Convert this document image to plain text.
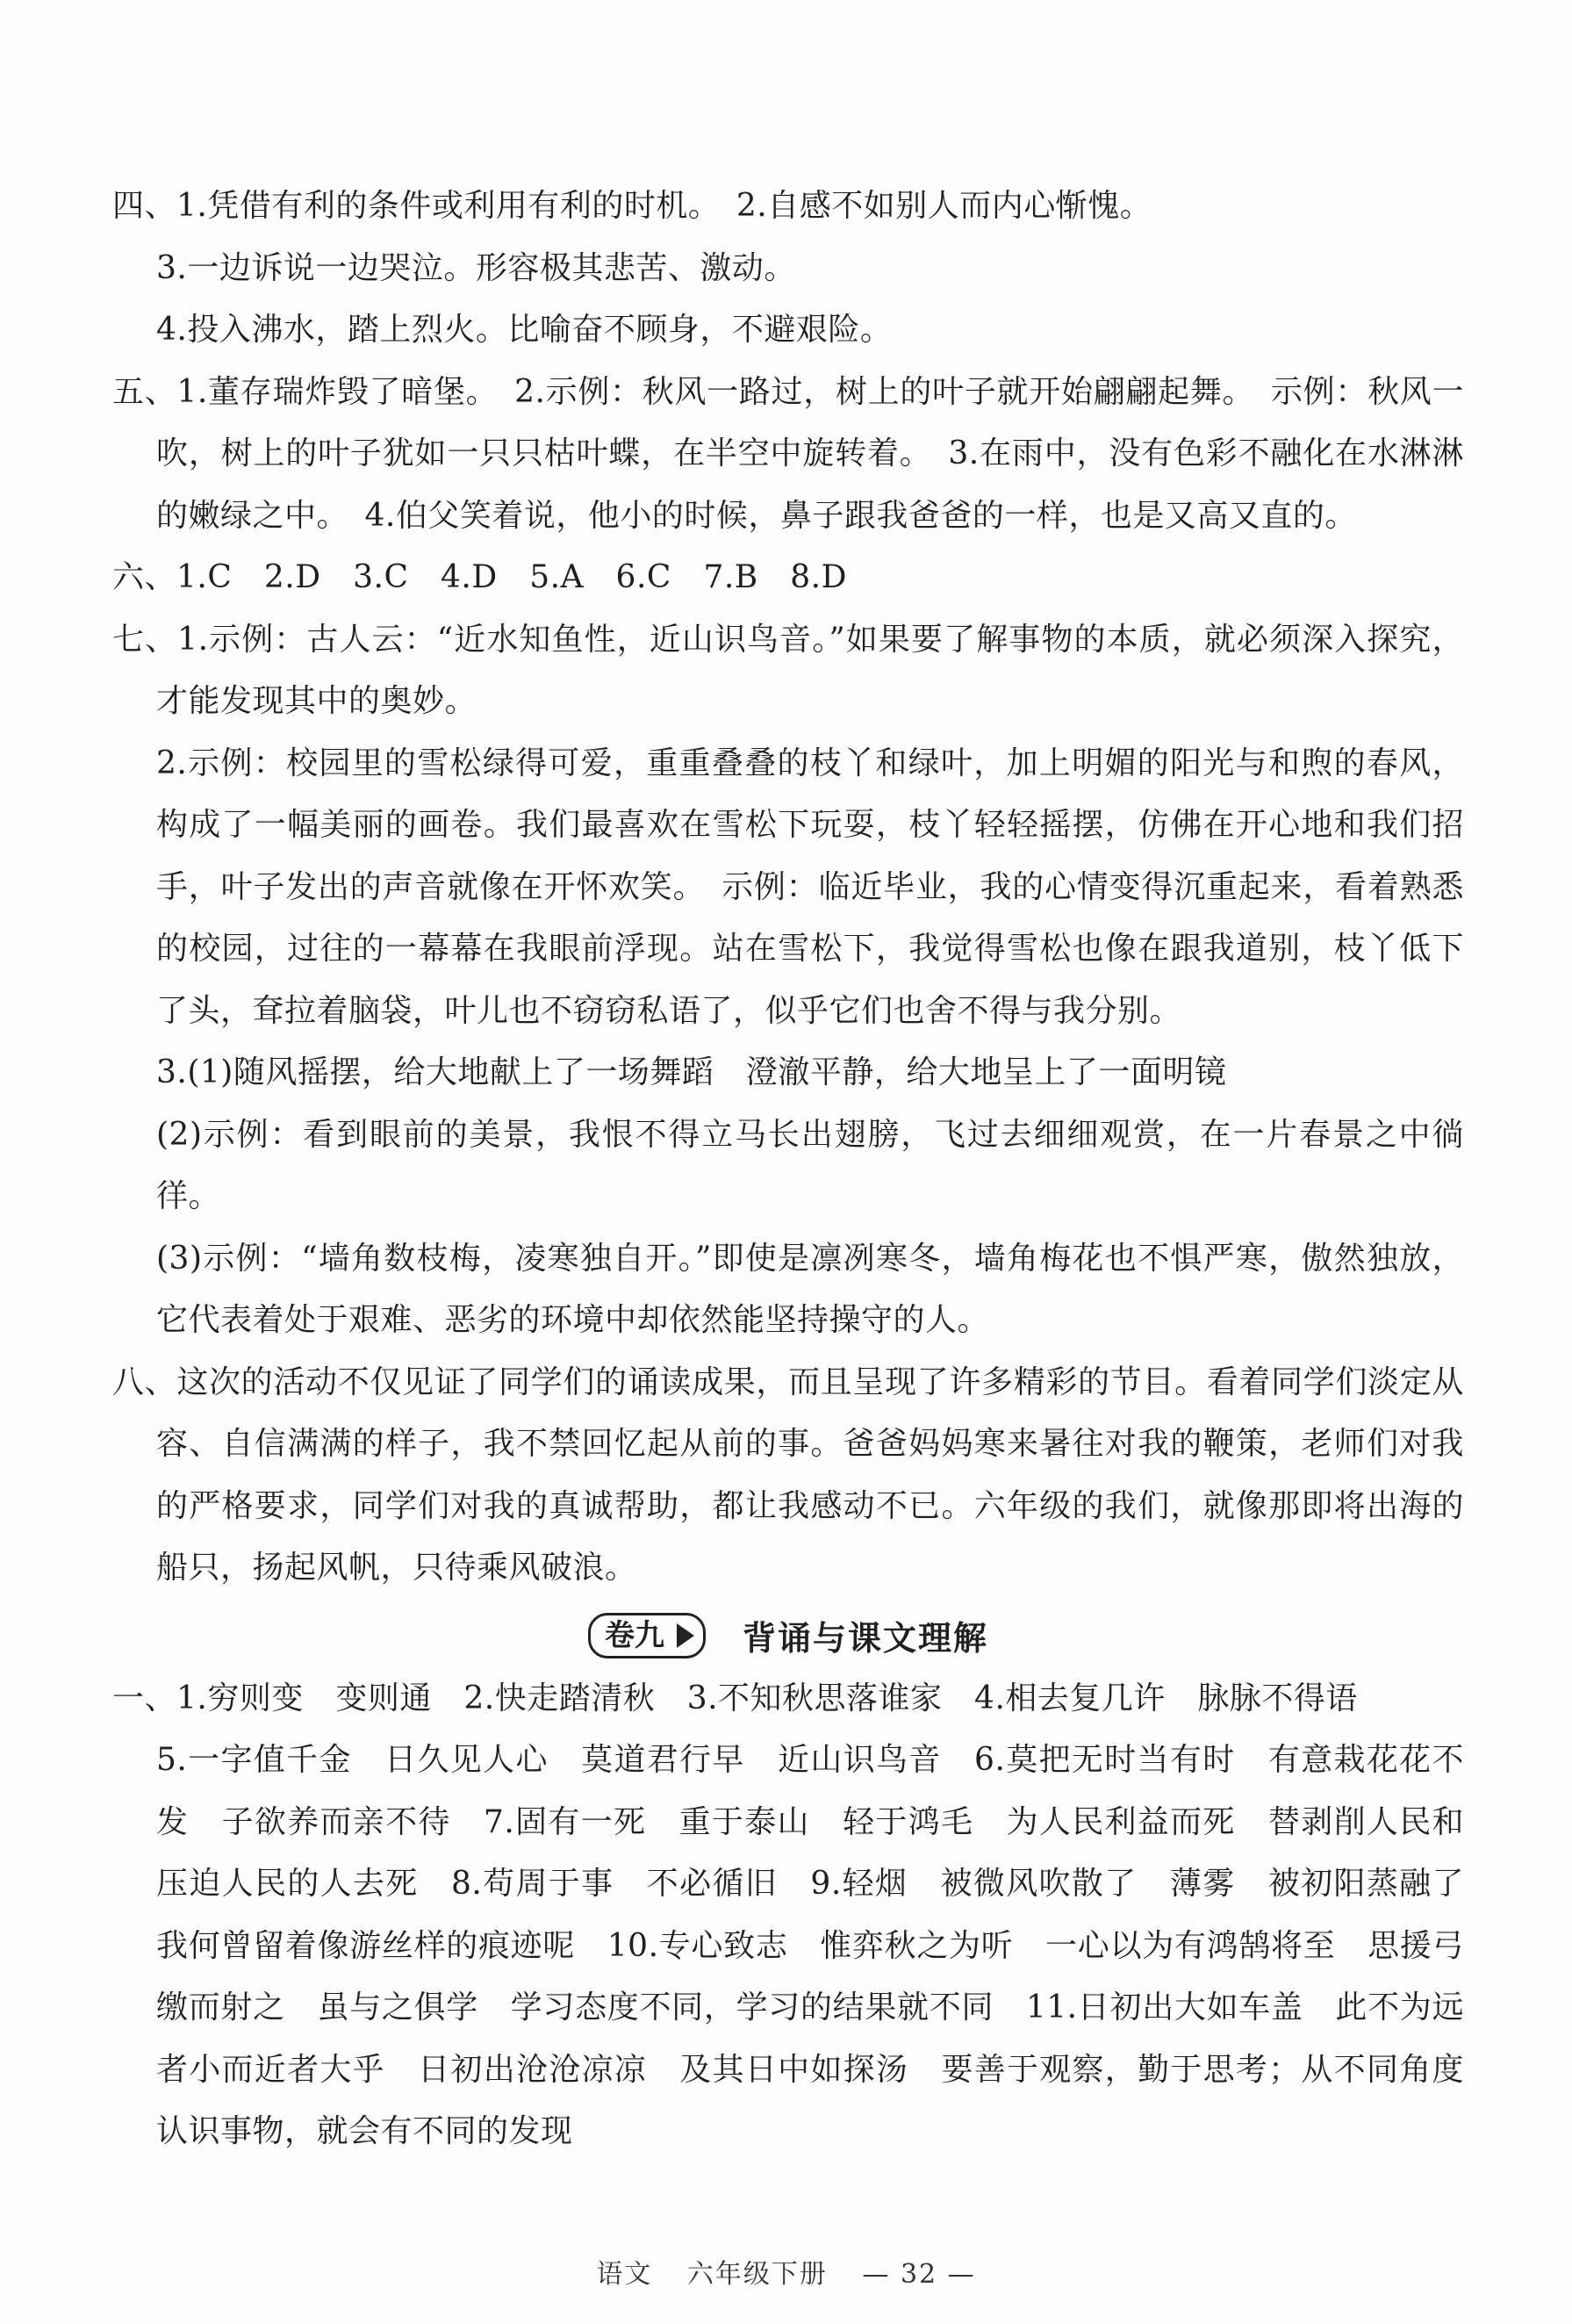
四、1.凭借有利的条件或利用有利的时机。　2.自感不如别人而内心惭愧。

3.一边诉说一边哭泣。形容极其悲苦、激动。

4.投入沸水，踏上烈火。比喻奋不顾身，不避艰险。

五、1.董存瑞炸毁了暗堡。　2.示例：秋风一路过，树上的叶子就开始翩翩起舞。　示例：秋风一吹，树上的叶子犹如一只只枯叶蝶，在半空中旋转着。　3.在雨中，没有色彩不融化在水淋淋的嫩绿之中。　4.伯父笑着说，他小的时候，鼻子跟我爸爸的一样，也是又高又直的。

六、1.C　2.D　3.C　4.D　5.A　6.C　7.B　8.D

七、1.示例：古人云：“近水知鱼性，近山识鸟音。”如果要了解事物的本质，就必须深入探究，才能发现其中的奥妙。

2.示例：校园里的雪松绿得可爱，重重叠叠的枝丫和绿叶，加上明媚的阳光与和煦的春风，构成了一幅美丽的画卷。我们最喜欢在雪松下玩耍，枝丫轻轻摇摆，仿佛在开心地和我们招手，叶子发出的声音就像在开怀欢笑。　示例：临近毕业，我的心情变得沉重起来，看着熟悉的校园，过往的一幕幕在我眼前浮现。站在雪松下，我觉得雪松也像在跟我道别，枝丫低下了头，耷拉着脑袋，叶儿也不窃窃私语了，似乎它们也舍不得与我分别。

3.(1)随风摇摆，给大地献上了一场舞蹈　澄澈平静，给大地呈上了一面明镜

(2)示例：看到眼前的美景，我恨不得立马长出翅膀，飞过去细细观赏，在一片春景之中徜徉。

(3)示例：“墙角数枝梅，凌寒独自开。”即使是凛冽寒冬，墙角梅花也不惧严寒，傲然独放，它代表着处于艰难、恶劣的环境中却依然能坚持操守的人。

八、这次的活动不仅见证了同学们的诵读成果，而且呈现了许多精彩的节目。看着同学们淡定从容、自信满满的样子，我不禁回忆起从前的事。爸爸妈妈寒来暑往对我的鞭策，老师们对我的严格要求，同学们对我的真诚帮助，都让我感动不已。六年级的我们，就像那即将出海的船只，扬起风帆，只待乘风破浪。

卷九	背诵与课文理解

一、1.穷则变　变则通　2.快走踏清秋　3.不知秋思落谁家　4.相去复几许　脉脉不得语

5.一字值千金　日久见人心　莫道君行早　近山识鸟音　6.莫把无时当有时　有意栽花花不发　子欲养而亲不待　7.固有一死　重于泰山　轻于鸿毛　为人民利益而死　替剥削人民和压迫人民的人去死　8.苟周于事　不必循旧　9.轻烟　被微风吹散了　薄雾　被初阳蒸融了　我何曾留着像游丝样的痕迹呢　10.专心致志　惟弈秋之为听　一心以为有鸿鹄将至　思援弓缴而射之　虽与之俱学　学习态度不同，学习的结果就不同　11.日初出大如车盖　此不为远者小而近者大乎　日初出沧沧凉凉　及其日中如探汤　要善于观察，勤于思考；从不同角度认识事物，就会有不同的发现

语文 六年级下册 — 32 —
